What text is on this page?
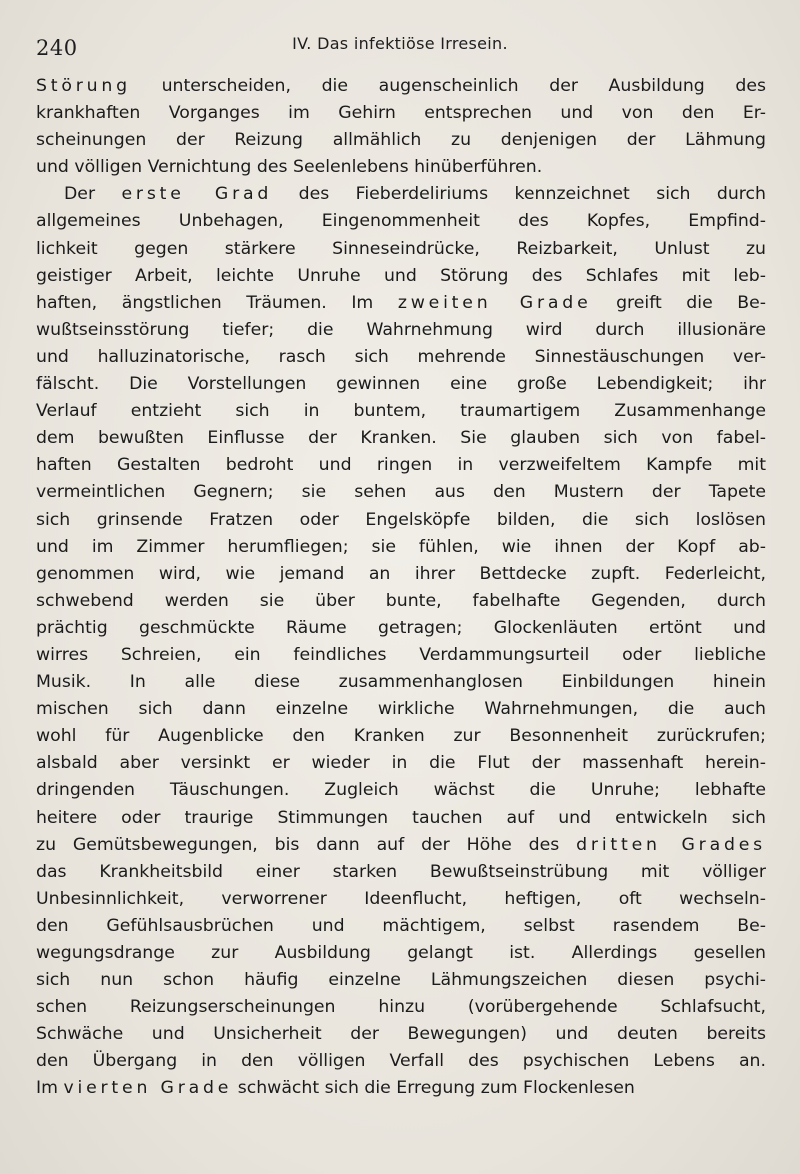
240	IV. Das infektiöse Irresein.
Störung unterscheiden, die augenscheinlich der Ausbildung des
krankhaften Vorganges im Gehirn entsprechen und von den Er-
scheinungen der Reizung allmählich zu denjenigen der Lähmung
und völligen Vernichtung des Seelenlebens hinüberführen.
Der erste Grad des Fieberdeliriums kennzeichnet sich durch
allgemeines Unbehagen, Eingenommenheit des Kopfes, Empfind-
lichkeit gegen stärkere Sinneseindrücke, Reizbarkeit, Unlust zu
geistiger Arbeit, leichte Unruhe und Störung des Schlafes mit leb-
haften, ängstlichen Träumen. Im zweiten Grade greift die Be-
wußtseinsstörung tiefer; die Wahrnehmung wird durch illusionäre
und halluzinatorische, rasch sich mehrende Sinnestäuschungen ver-
fälscht. Die Vorstellungen gewinnen eine große Lebendigkeit; ihr
Verlauf entzieht sich in buntem, traumartigem Zusammenhange
dem bewußten Einflusse der Kranken. Sie glauben sich von fabel-
haften Gestalten bedroht und ringen in verzweifeltem Kampfe mit
vermeintlichen Gegnern; sie sehen aus den Mustern der Tapete
sich grinsende Fratzen oder Engelsköpfe bilden, die sich loslösen
und im Zimmer herumfliegen; sie fühlen, wie ihnen der Kopf ab-
genommen wird, wie jemand an ihrer Bettdecke zupft. Federleicht,
schwebend werden sie über bunte, fabelhafte Gegenden, durch
prächtig geschmückte Räume getragen; Glockenläuten ertönt und
wirres Schreien, ein feindliches Verdammungsurteil oder liebliche
Musik. In alle diese zusammenhanglosen Einbildungen hinein
mischen sich dann einzelne wirkliche Wahrnehmungen, die auch
wohl für Augenblicke den Kranken zur Besonnenheit zurückrufen;
alsbald aber versinkt er wieder in die Flut der massenhaft herein-
dringenden Täuschungen. Zugleich wächst die Unruhe; lebhafte
heitere oder traurige Stimmungen tauchen auf und entwickeln sich
zu Gemütsbewegungen, bis dann auf der Höhe des dritten Grades
das Krankheitsbild einer starken Bewußtseinstrübung mit völliger
Unbesinnlichkeit, verworrener Ideenflucht, heftigen, oft wechseln-
den Gefühlsausbrüchen und mächtigem, selbst rasendem Be-
wegungsdrange zur Ausbildung gelangt ist. Allerdings gesellen
sich nun schon häufig einzelne Lähmungszeichen diesen psychi-
schen Reizungserscheinungen hinzu (vorübergehende Schlafsucht,
Schwäche und Unsicherheit der Bewegungen) und deuten bereits
den Übergang in den völligen Verfall des psychischen Lebens an.
Im vierten Grade schwächt sich die Erregung zum Flockenlesen
